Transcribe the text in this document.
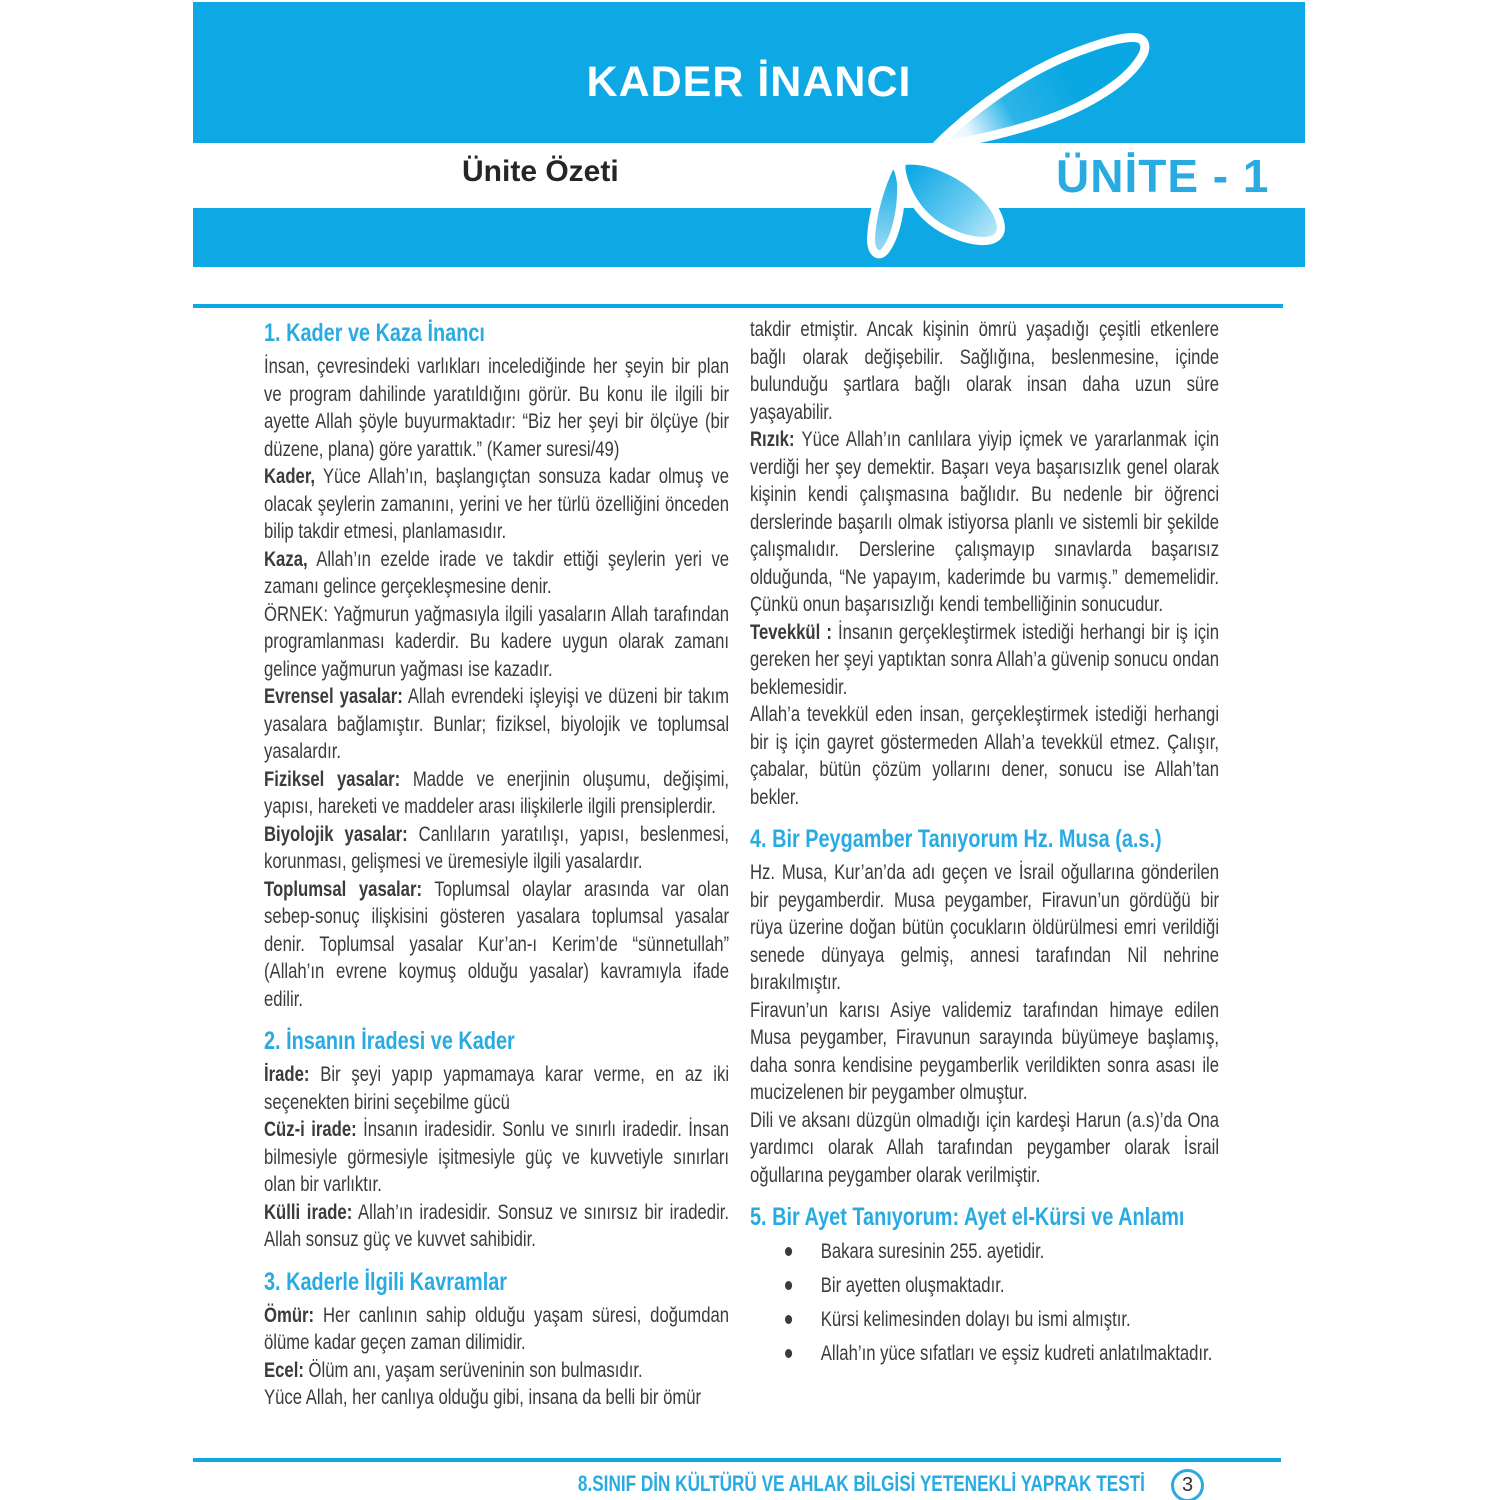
KADER İNANCI
Ünite Özeti	ÜNİTE - 1
1. Kader ve Kaza İnancı

İnsan, çevresindeki varlıkları incelediğinde her şeyin bir plan ve program dahilinde yaratıldığını görür. Bu konu ile ilgili bir ayette Allah şöyle buyurmaktadır: “Biz her şeyi bir ölçüye (bir düzene, plana) göre yarattık.” (Kamer suresi/49)

Kader, Yüce Allah’ın, başlangıçtan sonsuza kadar olmuş ve olacak şeylerin zamanını, yerini ve her türlü özelliğini önceden bilip takdir etmesi, planlamasıdır.

Kaza, Allah’ın ezelde irade ve takdir ettiği şeylerin yeri ve zamanı gelince gerçekleşmesine denir.

ÖRNEK: Yağmurun yağmasıyla ilgili yasaların Allah tarafından programlanması kaderdir. Bu kadere uygun olarak zamanı gelince yağmurun yağması ise kazadır.

Evrensel yasalar: Allah evrendeki işleyişi ve düzeni bir takım yasalara bağlamıştır. Bunlar; fiziksel, biyolojik ve toplumsal yasalardır.

Fiziksel yasalar: Madde ve enerjinin oluşumu, değişimi, yapısı, hareketi ve maddeler arası ilişkilerle ilgili prensiplerdir.

Biyolojik yasalar: Canlıların yaratılışı, yapısı, beslenmesi, korunması, gelişmesi ve üremesiyle ilgili yasalardır.

Toplumsal yasalar: Toplumsal olaylar arasında var olan sebep-sonuç ilişkisini gösteren yasalara toplumsal yasalar denir. Toplumsal yasalar Kur’an-ı Kerim’de “sünnetullah” (Allah’ın evrene koymuş olduğu yasalar) kavramıyla ifade edilir.

2. İnsanın İradesi ve Kader

İrade: Bir şeyi yapıp yapmamaya karar verme, en az iki seçenekten birini seçebilme gücü

Cüz-i irade: İnsanın iradesidir. Sonlu ve sınırlı iradedir. İnsan bilmesiyle görmesiyle işitmesiyle güç ve kuvvetiyle sınırları olan bir varlıktır.

Külli irade: Allah’ın iradesidir. Sonsuz ve sınırsız bir iradedir. Allah sonsuz güç ve kuvvet sahibidir.

3. Kaderle İlgili Kavramlar

Ömür: Her canlının sahip olduğu yaşam süresi, doğumdan ölüme kadar geçen zaman dilimidir.

Ecel: Ölüm anı, yaşam serüveninin son bulmasıdır.

Yüce Allah, her canlıya olduğu gibi, insana da belli bir ömür

takdir etmiştir. Ancak kişinin ömrü yaşadığı çeşitli etkenlere bağlı olarak değişebilir. Sağlığına, beslenmesine, içinde bulunduğu şartlara bağlı olarak insan daha uzun süre yaşayabilir.

Rızık: Yüce Allah’ın canlılara yiyip içmek ve yararlanmak için verdiği her şey demektir. Başarı veya başarısızlık genel olarak kişinin kendi çalışmasına bağlıdır. Bu nedenle bir öğrenci derslerinde başarılı olmak istiyorsa planlı ve sistemli bir şekilde çalışmalıdır. Derslerine çalışmayıp sınavlarda başarısız olduğunda, “Ne yapayım, kaderimde bu varmış.” dememelidir. Çünkü onun başarısızlığı kendi tembelliğinin sonucudur.

Tevekkül : İnsanın gerçekleştirmek istediği herhangi bir iş için gereken her şeyi yaptıktan sonra Allah’a güvenip sonucu ondan beklemesidir.

Allah’a tevekkül eden insan, gerçekleştirmek istediği herhangi bir iş için gayret göstermeden Allah’a tevekkül etmez. Çalışır, çabalar, bütün çözüm yollarını dener, sonucu ise Allah’tan bekler.

4. Bir Peygamber Tanıyorum Hz. Musa (a.s.)

Hz. Musa, Kur’an’da adı geçen ve İsrail oğullarına gönderilen bir peygamberdir. Musa peygamber, Firavun’un gördüğü bir rüya üzerine doğan bütün çocukların öldürülmesi emri verildiği senede dünyaya gelmiş, annesi tarafından Nil nehrine bırakılmıştır.

Firavun’un karısı Asiye validemiz tarafından himaye edilen Musa peygamber, Firavunun sarayında büyümeye başlamış, daha sonra kendisine peygamberlik verildikten sonra asası ile mucizelenen bir peygamber olmuştur.

Dili ve aksanı düzgün olmadığı için kardeşi Harun (a.s)’da Ona yardımcı olarak Allah tarafından peygamber olarak İsrail oğullarına peygamber olarak verilmiştir.

5. Bir Ayet Tanıyorum: Ayet el-Kürsi ve Anlamı
Bakara suresinin 255. ayetidir.
Bir ayetten oluşmaktadır.
Kürsi kelimesinden dolayı bu ismi almıştır.
Allah’ın yüce sıfatları ve eşsiz kudreti anlatılmaktadır.
8.SINIF DİN KÜLTÜRÜ VE AHLAK BİLGİSİ YETENEKLİ YAPRAK TESTİ 3
